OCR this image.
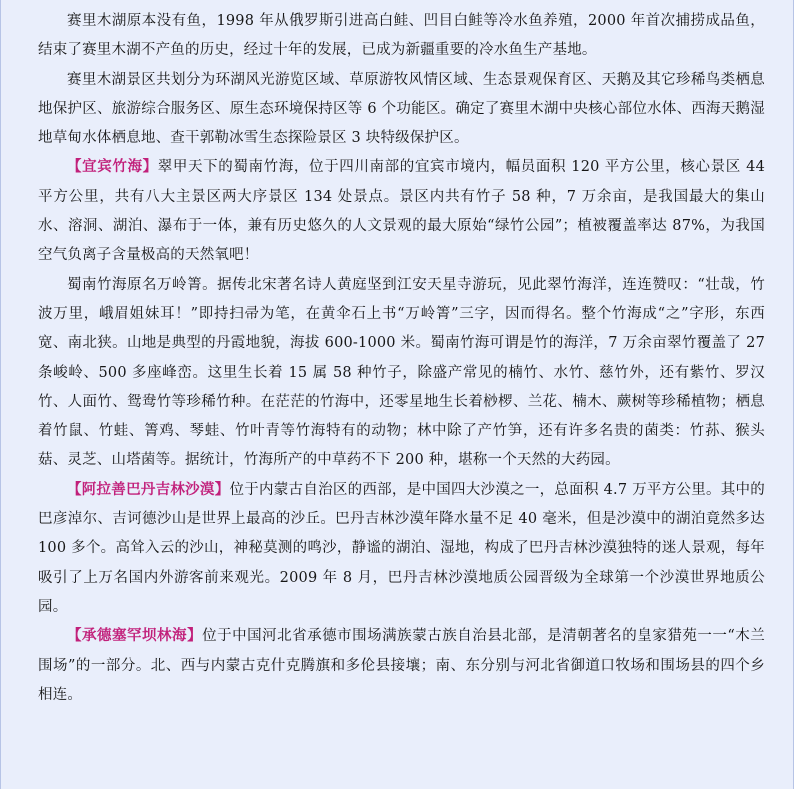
赛里木湖原本没有鱼，1998 年从俄罗斯引进高白鲑、凹目白鲑等冷水鱼养殖，2000 年首次捕捞成品鱼，结束了赛里木湖不产鱼的历史，经过十年的发展，已成为新疆重要的冷水鱼生产基地。

赛里木湖景区共划分为环湖风光游览区域、草原游牧风情区域、生态景观保育区、天鹅及其它珍稀鸟类栖息地保护区、旅游综合服务区、原生态环境保持区等 6 个功能区。确定了赛里木湖中央核心部位水体、西海天鹅湿地草甸水体栖息地、查干郭勒冰雪生态探险景区 3 块特级保护区。

【宜宾竹海】翠甲天下的蜀南竹海，位于四川南部的宜宾市境内，幅员面积 120 平方公里，核心景区 44 平方公里，共有八大主景区两大序景区 134 处景点。景区内共有竹子 58 种，7 万余亩，是我国最大的集山水、溶洞、湖泊、瀑布于一体，兼有历史悠久的人文景观的最大原始“绿竹公园”；植被覆盖率达 87%，为我国空气负离子含量极高的天然氧吧！

蜀南竹海原名万岭箐。据传北宋著名诗人黄庭坚到江安天星寺游玩，见此翠竹海洋，连连赞叹：“壮哉，竹波万里，峨眉姐妹耳！”即持扫帚为笔，在黄伞石上书“万岭箐”三字，因而得名。整个竹海成“之”字形，东西宽、南北狭。山地是典型的丹霞地貌，海拔 600-1000 米。蜀南竹海可谓是竹的海洋，7 万余亩翠竹覆盖了 27 条峻岭、500 多座峰峦。这里生长着 15 属 58 种竹子，除盛产常见的楠竹、水竹、慈竹外，还有紫竹、罗汉竹、人面竹、鸳鸯竹等珍稀竹种。在茫茫的竹海中，还零星地生长着桫椤、兰花、楠木、蕨树等珍稀植物；栖息着竹鼠、竹蛙、箐鸡、琴蛙、竹叶青等竹海特有的动物；林中除了产竹笋，还有许多名贵的菌类：竹荪、猴头菇、灵芝、山塔菌等。据统计，竹海所产的中草药不下 200 种，堪称一个天然的大药园。

【阿拉善巴丹吉林沙漠】位于内蒙古自治区的西部，是中国四大沙漠之一，总面积 4.7 万平方公里。其中的巴彦淖尔、吉诃德沙山是世界上最高的沙丘。巴丹吉林沙漠年降水量不足 40 毫米，但是沙漠中的湖泊竟然多达 100 多个。高耸入云的沙山，神秘莫测的鸣沙，静谧的湖泊、湿地，构成了巴丹吉林沙漠独特的迷人景观，每年吸引了上万名国内外游客前来观光。2009 年 8 月，巴丹吉林沙漠地质公园晋级为全球第一个沙漠世界地质公园。

【承德塞罕坝林海】位于中国河北省承德市围场满族蒙古族自治县北部，是清朝著名的皇家猎苑一一“木兰围场”的一部分。北、西与内蒙古克什克腾旗和多伦县接壤；南、东分别与河北省御道口牧场和围场县的四个乡相连。
